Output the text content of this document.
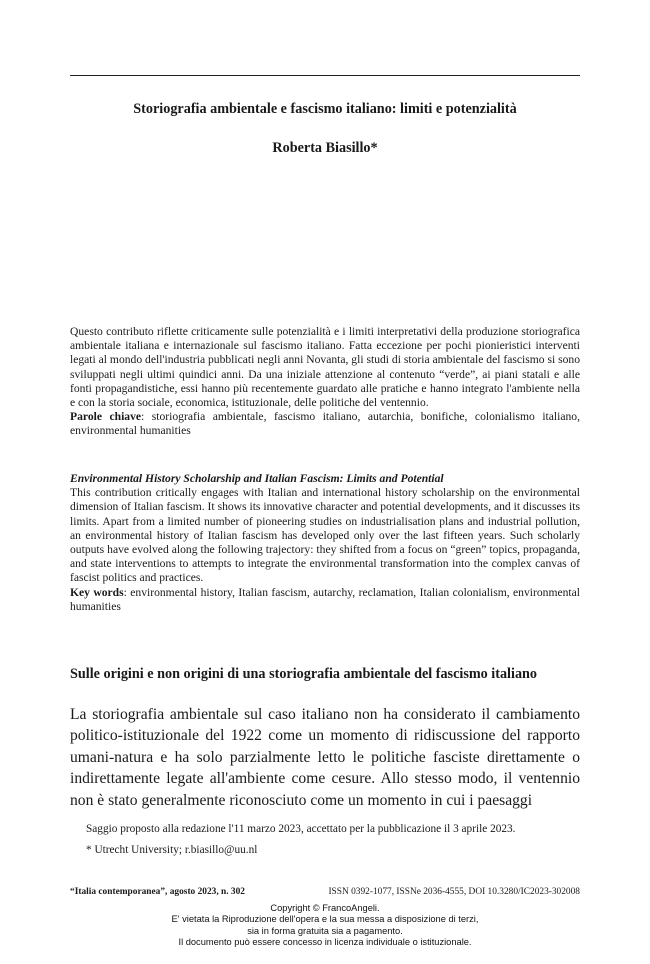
Storiografia ambientale e fascismo italiano: limiti e potenzialità
Roberta Biasillo*

Questo contributo riflette criticamente sulle potenzialità e i limiti interpretativi della produzione storiografica ambientale italiana e internazionale sul fascismo italiano. Fatta eccezione per pochi pionieristici interventi legati al mondo dell'industria pubblicati negli anni Novanta, gli studi di storia ambientale del fascismo si sono sviluppati negli ultimi quindici anni. Da una iniziale attenzione al contenuto “verde”, ai piani statali e alle fonti propagandistiche, essi hanno più recentemente guardato alle pratiche e hanno integrato l'ambiente nella e con la storia sociale, economica, istituzionale, delle politiche del ventennio.

Parole chiave: storiografia ambientale, fascismo italiano, autarchia, bonifiche, colonialismo italiano, environmental humanities

Environmental History Scholarship and Italian Fascism: Limits and Potential

This contribution critically engages with Italian and international history scholarship on the environmental dimension of Italian fascism. It shows its innovative character and potential developments, and it discusses its limits. Apart from a limited number of pioneering studies on industrialisation plans and industrial pollution, an environmental history of Italian fascism has developed only over the last fifteen years. Such scholarly outputs have evolved along the following trajectory: they shifted from a focus on “green” topics, propaganda, and state interventions to attempts to integrate the environmental transformation into the complex canvas of fascist politics and practices.

Key words: environmental history, Italian fascism, autarchy, reclamation, Italian colonialism, environmental humanities

Sulle origini e non origini di una storiografia ambientale del fascismo italiano

La storiografia ambientale sul caso italiano non ha considerato il cambiamento politico-istituzionale del 1922 come un momento di ridiscussione del rapporto umani-natura e ha solo parzialmente letto le politiche fasciste direttamente o indirettamente legate all'ambiente come cesure. Allo stesso modo, il ventennio non è stato generalmente riconosciuto come un momento in cui i paesaggi

Saggio proposto alla redazione l'11 marzo 2023, accettato per la pubblicazione il 3 aprile 2023.
* Utrecht University; r.biasillo@uu.nl
“Italia contemporanea”, agosto 2023, n. 302	ISSN 0392-1077, ISSNe 2036-4555, DOI 10.3280/IC2023-302008
Copyright © FrancoAngeli.
E' vietata la Riproduzione dell'opera e la sua messa a disposizione di terzi,
sia in forma gratuita sia a pagamento.
Il documento può essere concesso in licenza individuale o istituzionale.
